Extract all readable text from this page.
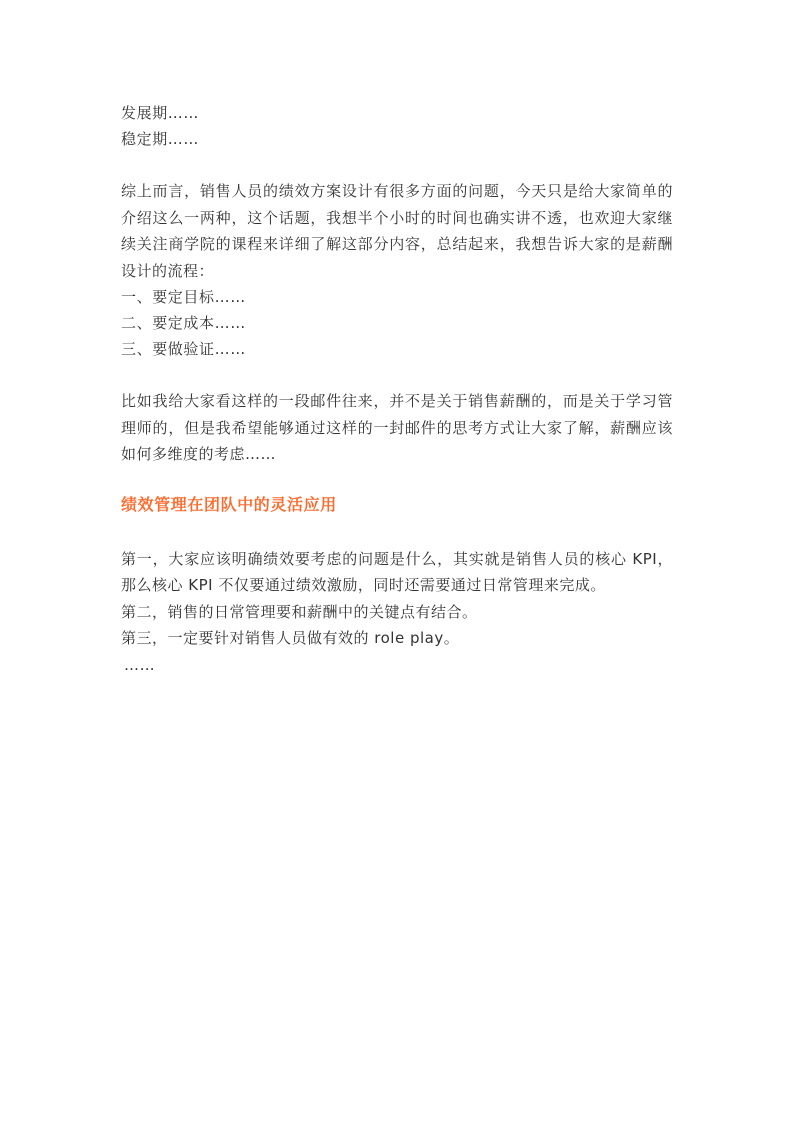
发展期……
稳定期……

综上而言，销售人员的绩效方案设计有很多方面的问题，今天只是给大家简单的介绍这么一两种，这个话题，我想半个小时的时间也确实讲不透，也欢迎大家继续关注商学院的课程来详细了解这部分内容，总结起来，我想告诉大家的是薪酬设计的流程：

一、要定目标……
二、要定成本……
三、要做验证……

比如我给大家看这样的一段邮件往来，并不是关于销售薪酬的，而是关于学习管理师的，但是我希望能够通过这样的一封邮件的思考方式让大家了解，薪酬应该如何多维度的考虑……

绩效管理在团队中的灵活应用

第一，大家应该明确绩效要考虑的问题是什么，其实就是销售人员的核心 KPI，那么核心 KPI 不仅要通过绩效激励，同时还需要通过日常管理来完成。

第二，销售的日常管理要和薪酬中的关键点有结合。

第三，一定要针对销售人员做有效的 role play。

……
